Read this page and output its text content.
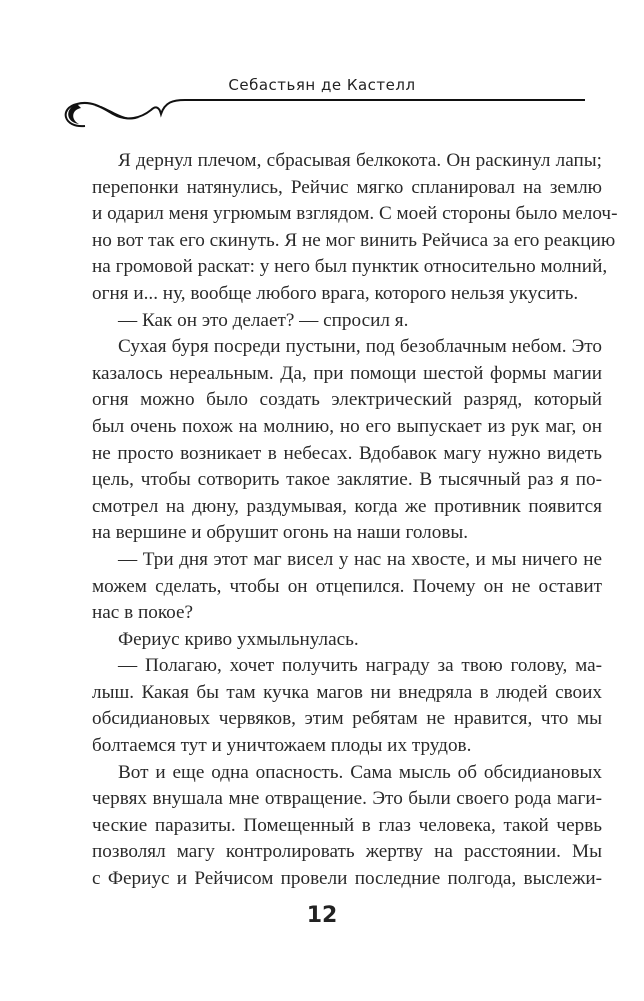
Себастьян де Кастелл
Я дернул плечом, сбрасывая белкокота. Он раскинул лапы;
перепонки натянулись, Рейчис мягко спланировал на землю
и одарил меня угрюмым взглядом. С моей стороны было мелоч-
но вот так его скинуть. Я не мог винить Рейчиса за его реакцию
на громовой раскат: у него был пунктик относительно молний,
огня и... ну, вообще любого врага, которого нельзя укусить.
— Как он это делает? — спросил я.
Сухая буря посреди пустыни, под безоблачным небом. Это
казалось нереальным. Да, при помощи шестой формы магии
огня можно было создать электрический разряд, который
был очень похож на молнию, но его выпускает из рук маг, он
не просто возникает в небесах. Вдобавок магу нужно видеть
цель, чтобы сотворить такое заклятие. В тысячный раз я по-
смотрел на дюну, раздумывая, когда же противник появится
на вершине и обрушит огонь на наши головы.
— Три дня этот маг висел у нас на хвосте, и мы ничего не
можем сделать, чтобы он отцепился. Почему он не оставит
нас в покое?
Фериус криво ухмыльнулась.
— Полагаю, хочет получить награду за твою голову, ма-
лыш. Какая бы там кучка магов ни внедряла в людей своих
обсидиановых червяков, этим ребятам не нравится, что мы
болтаемся тут и уничтожаем плоды их трудов.
Вот и еще одна опасность. Сама мысль об обсидиановых
червях внушала мне отвращение. Это были своего рода маги-
ческие паразиты. Помещенный в глаз человека, такой червь
позволял магу контролировать жертву на расстоянии. Мы
с Фериус и Рейчисом провели последние полгода, выслежи-
12
